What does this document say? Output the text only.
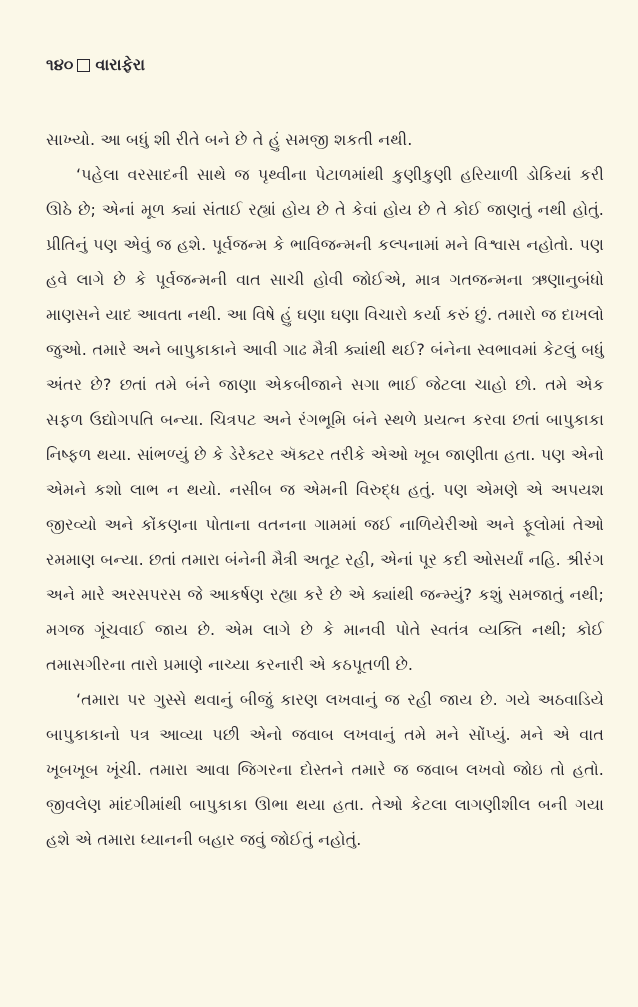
૧૪૦ વારાફેરા

સાખ્યો. આ બધું શી રીતે બને છે તે હું સમજી શકતી નથી.

‘પહેલા વરસાદની સાથે જ પૃથ્વીના પેટાળમાંથી કુણીકુણી હરિયાળી ડોકિયાં કરી ઊઠે છે; એનાં મૂળ ક્યાં સંતાઈ રહ્યાં હોય છે તે કેવાં હોય છે તે કોઈ જાણતું નથી હોતું. પ્રીતિનું પણ એવું જ હશે. પૂર્વજન્મ કે ભાવિજન્મની કલ્પનામાં મને વિશ્વાસ નહોતો. પણ હવે લાગે છે કે પૂર્વજન્મની વાત સાચી હોવી જોઈએ, માત્ર ગતજન્મના ઋણાનુબંધો માણસને યાદ આવતા નથી. આ વિષે હું ઘણા ઘણા વિચારો કર્યા કરું છું. તમારો જ દાખલો જુઓ. તમારે અને બાપુકાકાને આવી ગાઢ મૈત્રી ક્યાંથી થઈ? બંનેના સ્વભાવમાં કેટલું બધું અંતર છે? છતાં તમે બંને જાણા એકબીજાને સગા ભાઈ જેટલા ચાહો છો. તમે એક સફળ ઉદ્યોગપતિ બન્યા. ચિત્રપટ અને રંગભૂમિ બંને સ્થળે પ્રયત્ન કરવા છતાં બાપુકાકા નિષ્ફળ થયા. સાંભળ્યું છે કે ડેરેક્ટર ઍક્ટર તરીકે એઓ ખૂબ જાણીતા હતા. પણ એનો એમને કશો લાભ ન થયો. નસીબ જ એમની વિરુદ્ધ હતું. પણ એમણે એ અપયશ જીરવ્યો અને કોંકણના પોતાના વતનના ગામમાં જઈ નાળિયેરીઓ અને ફૂલોમાં તેઓ રમમાણ બન્યા. છતાં તમારા બંનેની મૈત્રી અતૂટ રહી, એનાં પૂર કદી ઓસર્યાં નહિ. શ્રીરંગ અને મારે અરસપરસ જે આકર્ષણ રહ્યા કરે છે એ ક્યાંથી જન્મ્યું? કશું સમજાતું નથી; મગજ ગૂંચવાઈ જાય છે. એમ લાગે છે કે માનવી પોતે સ્વતંત્ર વ્યક્તિ નથી; કોઈ તમાસગીરના તારો પ્રમાણે નાચ્યા કરનારી એ કઠપૂતળી છે.

‘તમારા પર ગુસ્સે થવાનું બીજું કારણ લખવાનું જ રહી જાય છે. ગયે અઠવાડિયે બાપુકાકાનો પત્ર આવ્યા પછી એનો જવાબ લખવાનું તમે મને સોંપ્યું. મને એ વાત ખૂબખૂબ ખૂંચી. તમારા આવા જિગરના દોસ્તને તમારે જ જવાબ લખવો જોઇ તો હતો. જીવલેણ માંદગીમાંથી બાપુકાકા ઊભા થયા હતા. તેઓ કેટલા લાગણીશીલ બની ગયા હશે એ તમારા ધ્યાનની બહાર જવું જોઈતું નહોતું.
